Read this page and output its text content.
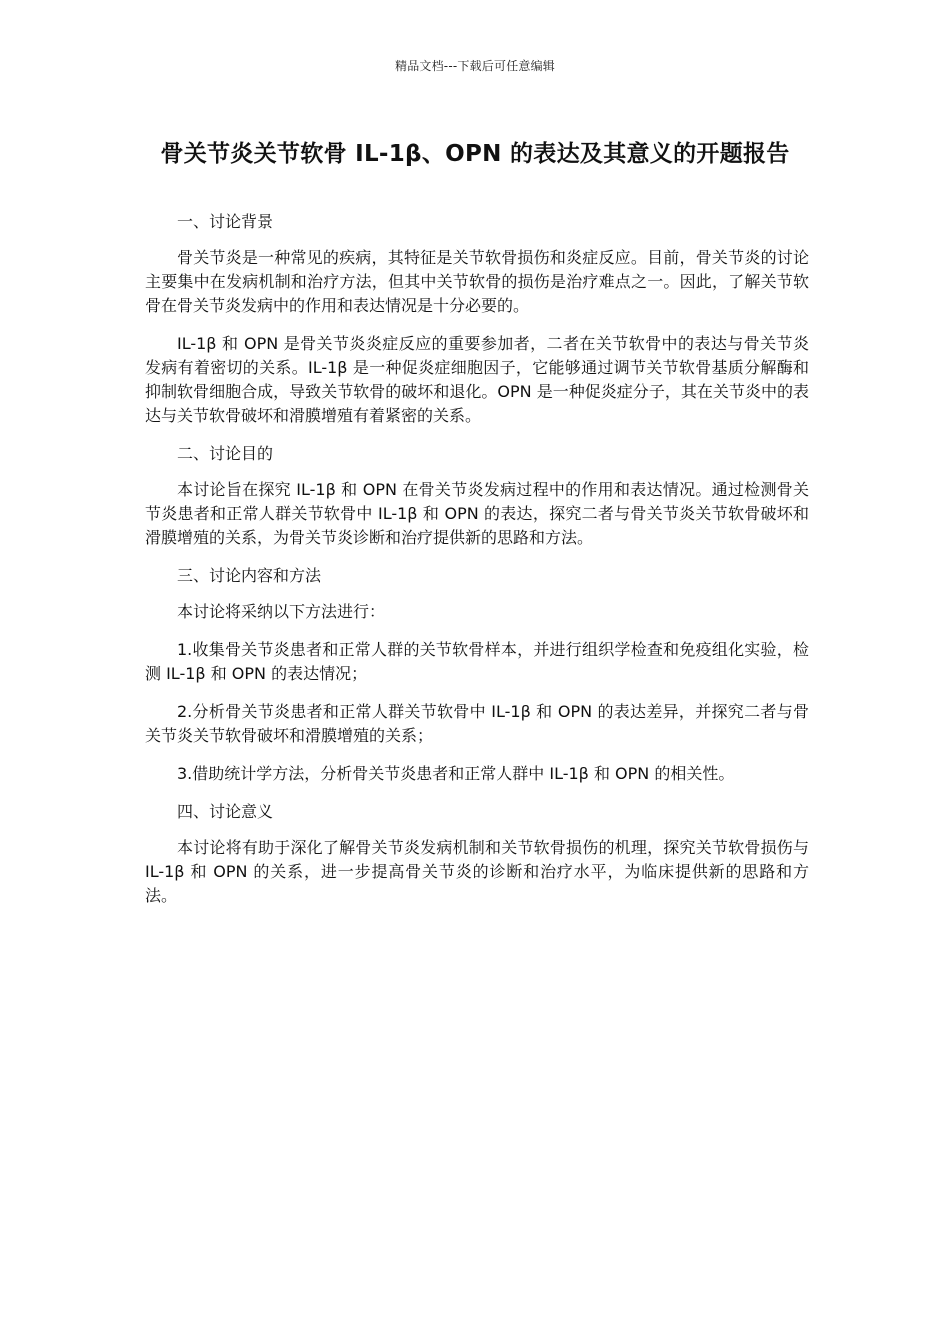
精品文档---下载后可任意编辑
骨关节炎关节软骨 IL-1β、OPN 的表达及其意义的开题报告

一、讨论背景

骨关节炎是一种常见的疾病，其特征是关节软骨损伤和炎症反应。目前，骨关节炎的讨论主要集中在发病机制和治疗方法，但其中关节软骨的损伤是治疗难点之一。因此，了解关节软骨在骨关节炎发病中的作用和表达情况是十分必要的。

IL-1β 和 OPN 是骨关节炎炎症反应的重要参加者，二者在关节软骨中的表达与骨关节炎发病有着密切的关系。IL-1β 是一种促炎症细胞因子，它能够通过调节关节软骨基质分解酶和抑制软骨细胞合成，导致关节软骨的破坏和退化。OPN 是一种促炎症分子，其在关节炎中的表达与关节软骨破坏和滑膜增殖有着紧密的关系。

二、讨论目的

本讨论旨在探究 IL-1β 和 OPN 在骨关节炎发病过程中的作用和表达情况。通过检测骨关节炎患者和正常人群关节软骨中 IL-1β 和 OPN 的表达，探究二者与骨关节炎关节软骨破坏和滑膜增殖的关系，为骨关节炎诊断和治疗提供新的思路和方法。

三、讨论内容和方法

本讨论将采纳以下方法进行：

1.收集骨关节炎患者和正常人群的关节软骨样本，并进行组织学检查和免疫组化实验，检测 IL-1β 和 OPN 的表达情况；

2.分析骨关节炎患者和正常人群关节软骨中 IL-1β 和 OPN 的表达差异，并探究二者与骨关节炎关节软骨破坏和滑膜增殖的关系；

3.借助统计学方法，分析骨关节炎患者和正常人群中 IL-1β 和 OPN 的相关性。

四、讨论意义

本讨论将有助于深化了解骨关节炎发病机制和关节软骨损伤的机理，探究关节软骨损伤与 IL-1β 和 OPN 的关系，进一步提高骨关节炎的诊断和治疗水平，为临床提供新的思路和方法。
